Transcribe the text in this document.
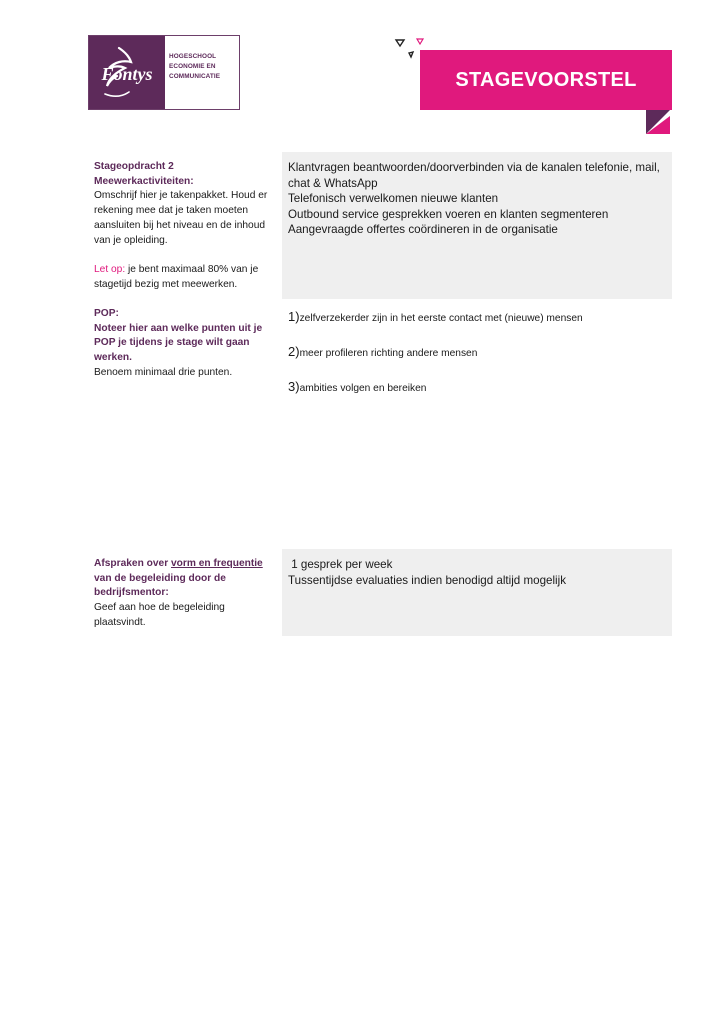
Fontys
HOGESCHOOL
ECONOMIE EN
COMMUNICATIE	STAGEVOORSTEL
Stageopdracht 2
Meewerkactiviteiten:
Omschrijf hier je takenpakket. Houd er rekening mee dat je taken moeten aansluiten bij het niveau en de inhoud van je opleiding.
Let op: je bent maximaal 80% van je stagetijd bezig met meewerken.

Klantvragen beantwoorden/doorverbinden via de kanalen telefonie, mail, chat & WhatsApp

Telefonisch verwelkomen nieuwe klanten

Outbound service gesprekken voeren en klanten segmenteren

Aangevraagde offertes coördineren in de organisatie

POP:
Noteer hier aan welke punten uit je POP je tijdens je stage wilt gaan werken.
Benoem minimaal drie punten.
1)zelfverzekerder zijn in het eerste contact met (nieuwe) mensen
2)meer profileren richting andere mensen
3)ambities volgen en bereiken
Afspraken over vorm en frequentie van de begeleiding door de bedrijfsmentor:
Geef aan hoe de begeleiding plaatsvindt.

1 gesprek per week

Tussentijdse evaluaties indien benodigd altijd mogelijk
